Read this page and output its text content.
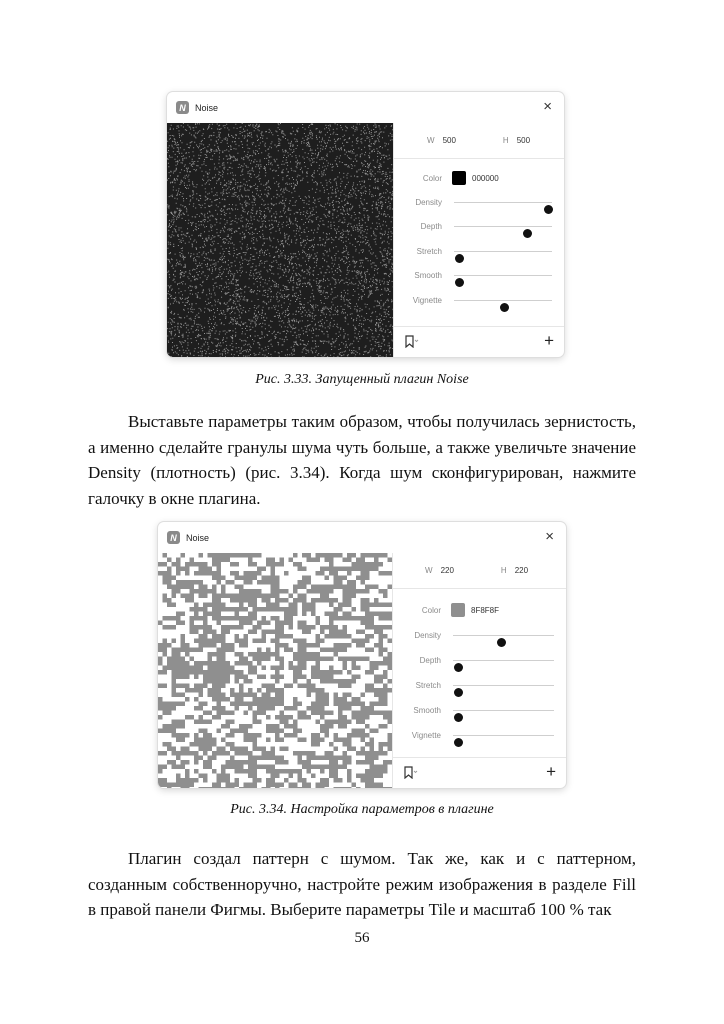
N	Noise	×
W 500	H 500
Color	000000
Density
Depth
Stretch
Smooth
Vignette
+
Рис. 3.33. Запущенный плагин Noise
Выставьте параметры таким образом, чтобы получилась зернистость, а именно сделайте гранулы шума чуть больше, а также увеличьте значение Density (плотность) (рис. 3.34). Когда шум сконфигурирован, нажмите галочку в окне плагина.
N	Noise	×
W 220	H 220
Color	8F8F8F
Density
Depth
Stretch
Smooth
Vignette
+
Рис. 3.34. Настройка параметров в плагине
Плагин создал паттерн с шумом. Так же, как и с паттерном, созданным собственноручно, настройте режим изображения в разделе Fill в правой панели Фигмы. Выберите параметры Tile и масштаб 100 % так
56
